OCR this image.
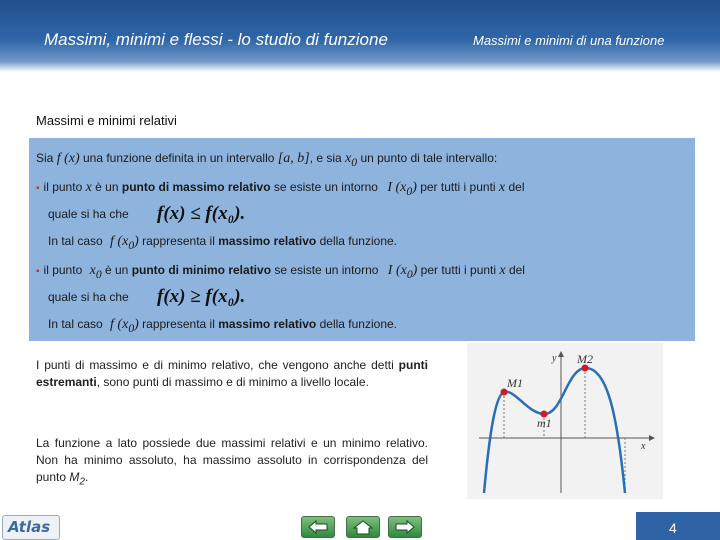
Massimi, minimi e flessi - lo studio di funzione	Massimi e minimi di una funzione
Massimi e minimi relativi
Sia f (x) una funzione definita in un intervallo [a, b], e sia $x_0$ un punto di tale intervallo:
▪ il punto x è un punto di massimo relativo se esiste un intorno I $(x_0)$ per tutti i punti x del
quale si ha che f(x) ≤ f(x₀).
In tal caso f $(x_0)$ rappresenta il massimo relativo della funzione.
▪ il punto $x_0$ è un punto di minimo relativo se esiste un intorno I $(x_0)$ per tutti i punti x del
quale si ha che f(x) ≥ f(x₀).
In tal caso f $(x_0)$ rappresenta il massimo relativo della funzione.
I punti di massimo e di minimo relativo, che vengono anche detti punti estremanti, sono punti di massimo e di minimo a livello locale.
La funzione a lato possiede due massimi relativi e un minimo relativo. Non ha minimo assoluto, ha massimo assoluto in corrispondenza del punto $M_2$.
M1
M2
m1
y
x
Atlas	4
